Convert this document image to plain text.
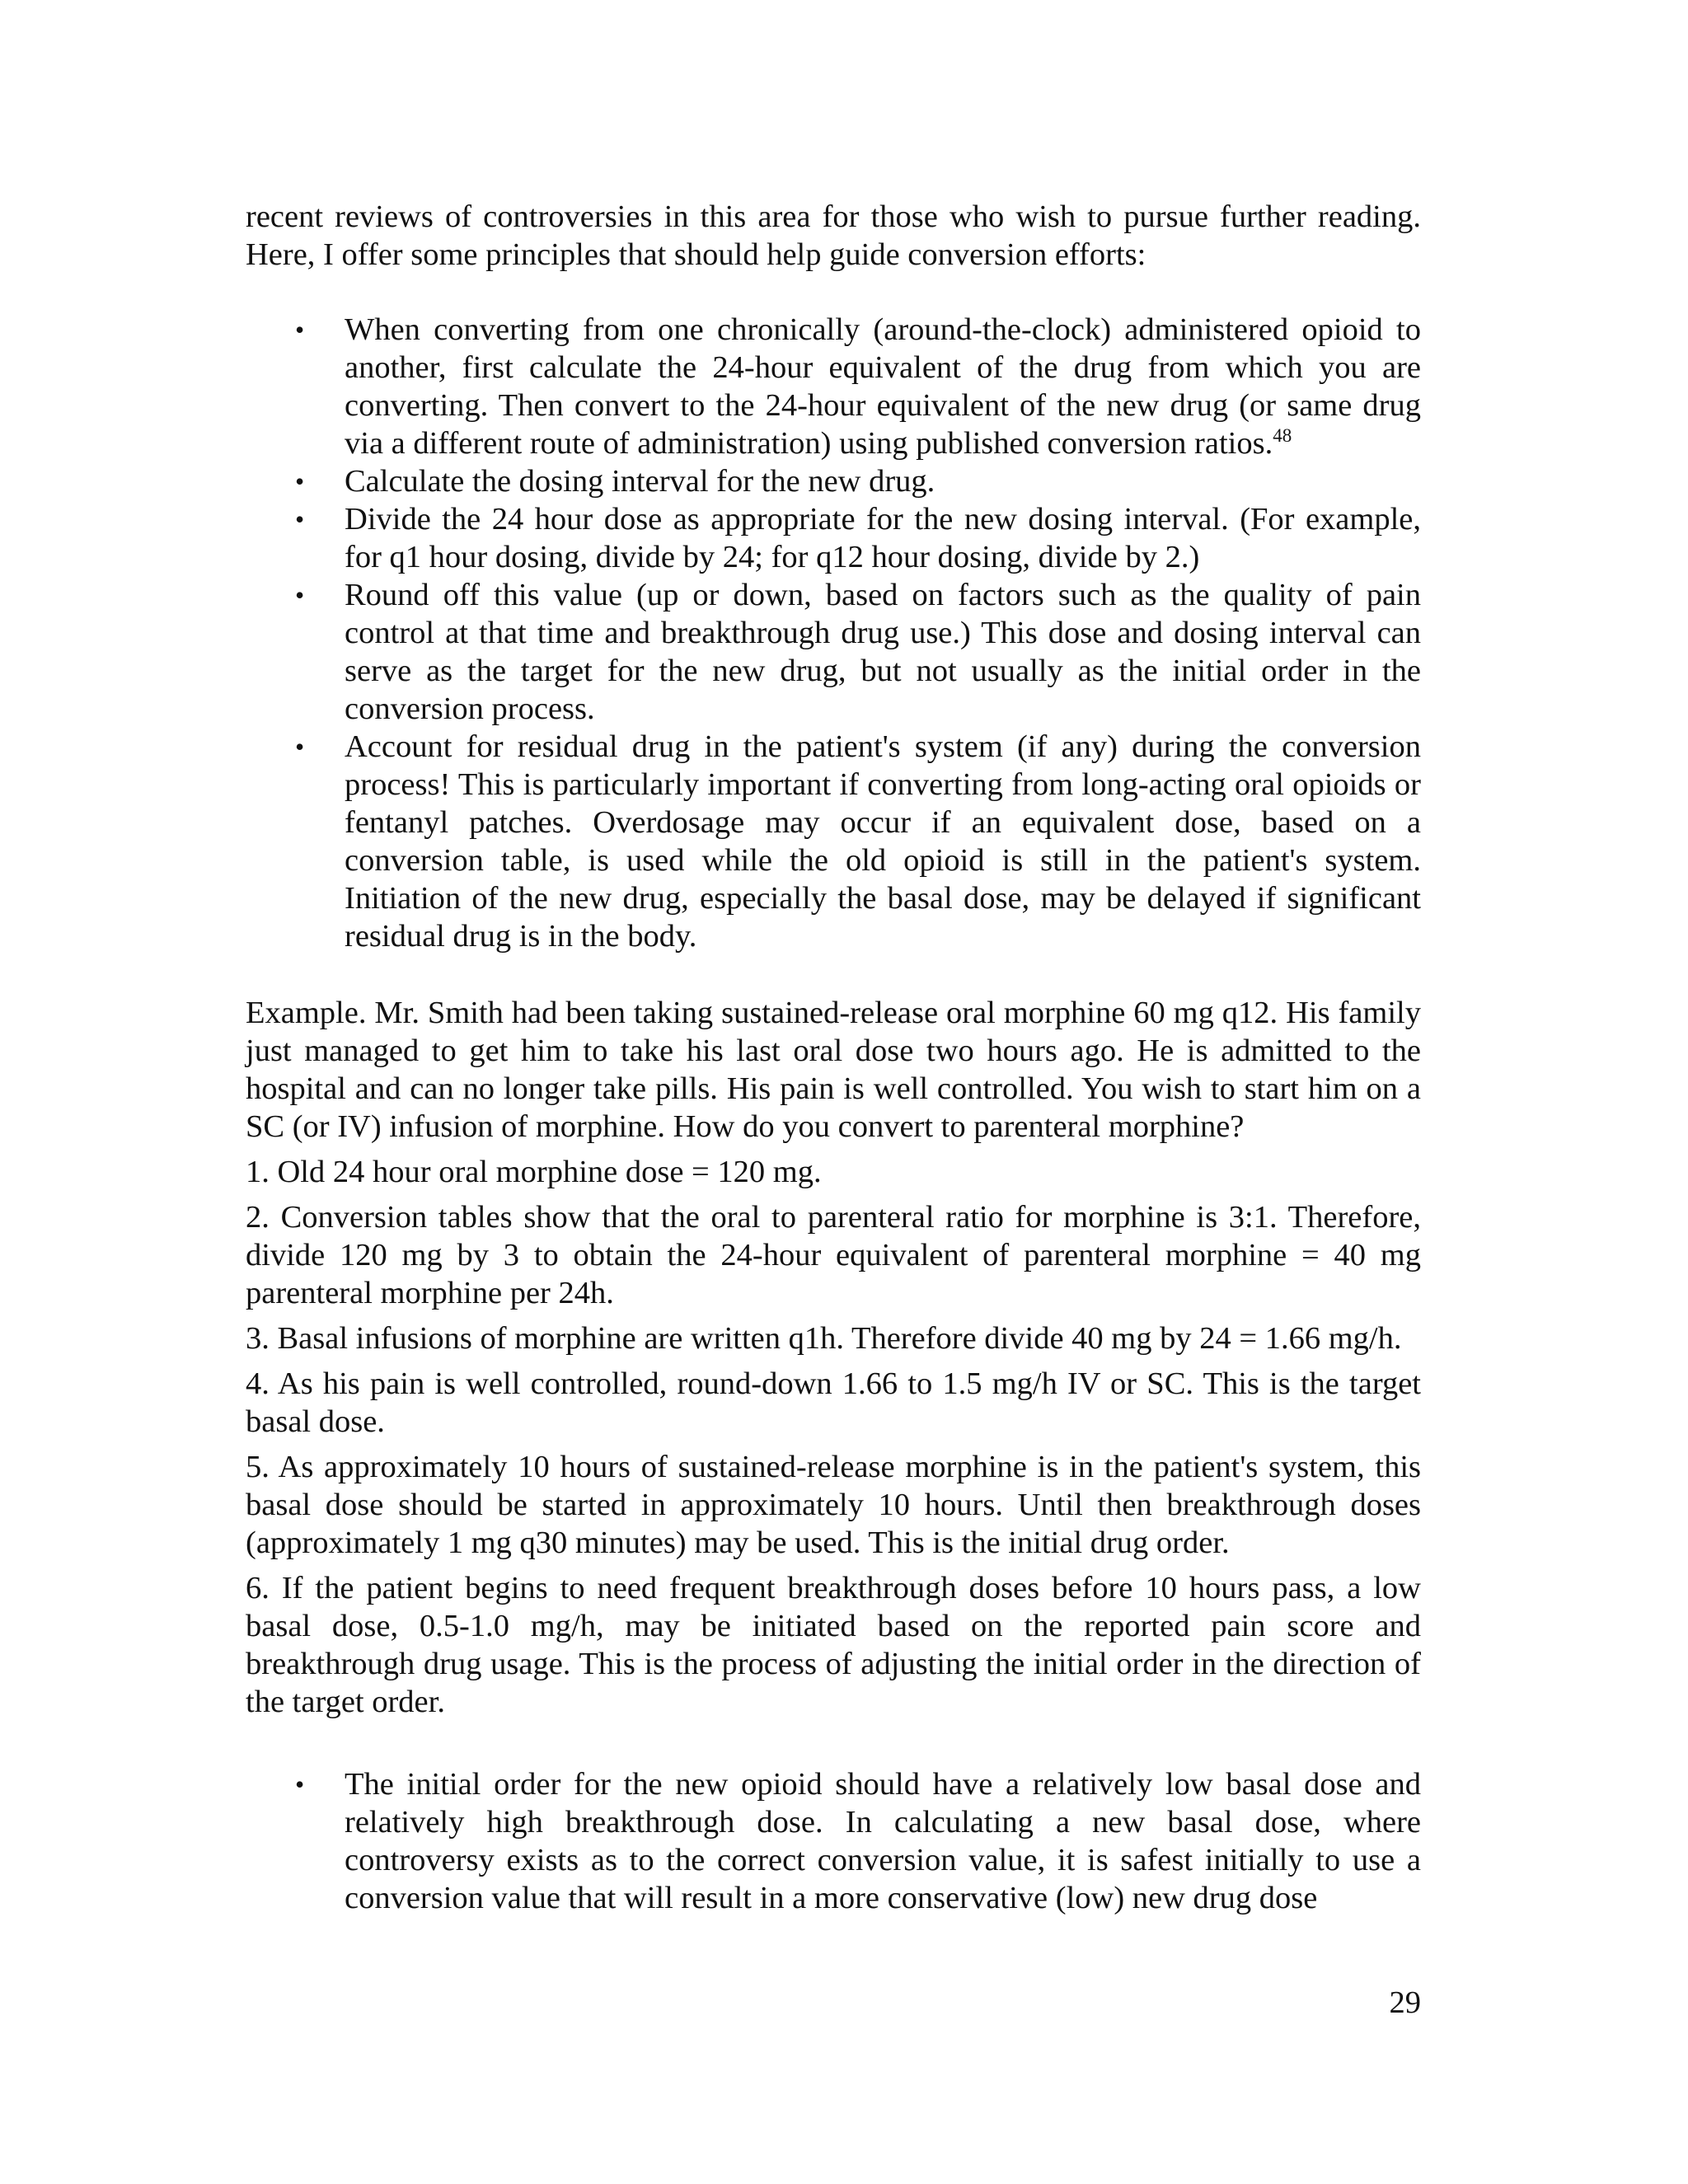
recent reviews of controversies in this area for those who wish to pursue further reading. Here, I offer some principles that should help guide conversion efforts:

• When converting from one chronically (around-the-clock) administered opioid to another, first calculate the 24-hour equivalent of the drug from which you are converting. Then convert to the 24-hour equivalent of the new drug (or same drug via a different route of administration) using published conversion ratios.$^{48}$
• Calculate the dosing interval for the new drug.
• Divide the 24 hour dose as appropriate for the new dosing interval. (For example, for q1 hour dosing, divide by 24; for q12 hour dosing, divide by 2.)
• Round off this value (up or down, based on factors such as the quality of pain control at that time and breakthrough drug use.) This dose and dosing interval can serve as the target for the new drug, but not usually as the initial order in the conversion process.
• Account for residual drug in the patient's system (if any) during the conversion process! This is particularly important if converting from long-acting oral opioids or fentanyl patches. Overdosage may occur if an equivalent dose, based on a conversion table, is used while the old opioid is still in the patient's system. Initiation of the new drug, especially the basal dose, may be delayed if significant residual drug is in the body.

Example. Mr. Smith had been taking sustained-release oral morphine 60 mg q12. His family just managed to get him to take his last oral dose two hours ago. He is admitted to the hospital and can no longer take pills. His pain is well controlled. You wish to start him on a SC (or IV) infusion of morphine. How do you convert to parenteral morphine?

1. Old 24 hour oral morphine dose = 120 mg.

2. Conversion tables show that the oral to parenteral ratio for morphine is 3:1. Therefore, divide 120 mg by 3 to obtain the 24-hour equivalent of parenteral morphine = 40 mg parenteral morphine per 24h.

3. Basal infusions of morphine are written q1h. Therefore divide 40 mg by 24 = 1.66 mg/h.

4. As his pain is well controlled, round-down 1.66 to 1.5 mg/h IV or SC. This is the target basal dose.

5. As approximately 10 hours of sustained-release morphine is in the patient's system, this basal dose should be started in approximately 10 hours. Until then breakthrough doses (approximately 1 mg q30 minutes) may be used. This is the initial drug order.

6. If the patient begins to need frequent breakthrough doses before 10 hours pass, a low basal dose, 0.5-1.0 mg/h, may be initiated based on the reported pain score and breakthrough drug usage. This is the process of adjusting the initial order in the direction of the target order.

• The initial order for the new opioid should have a relatively low basal dose and relatively high breakthrough dose. In calculating a new basal dose, where controversy exists as to the correct conversion value, it is safest initially to use a conversion value that will result in a more conservative (low) new drug dose
29
